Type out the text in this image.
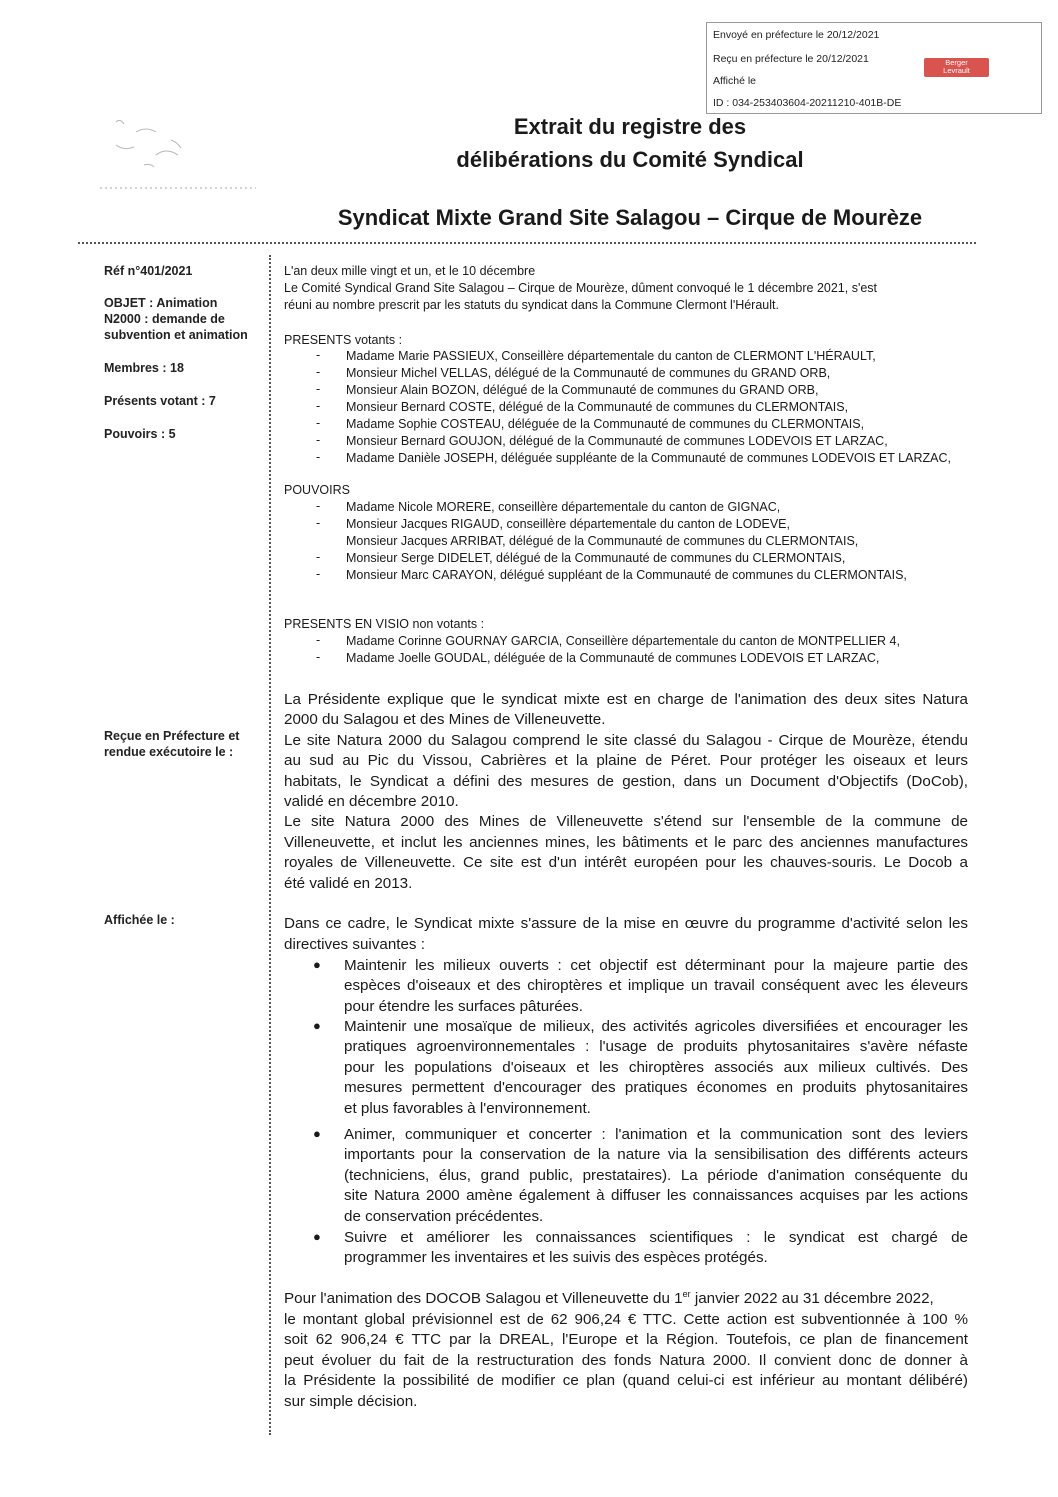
Envoyé en préfecture le 20/12/2021
Reçu en préfecture le 20/12/2021
Affiché le
ID : 034-253403604-20211210-401B-DE
Berger
Levrault
Extrait du registre des
délibérations du Comité Syndical
Syndicat Mixte Grand Site Salagou – Cirque de Mourèze
Réf n°401/2021
OBJET : Animation
N2000 : demande de
subvention et animation
Membres : 18
Présents votant : 7
Pouvoirs : 5
Reçue en Préfecture et
rendue exécutoire le :
Affichée le :
L'an deux mille vingt et un, et le 10 décembre
Le Comité Syndical Grand Site Salagou – Cirque de Mourèze, dûment convoqué le 1 décembre 2021, s'est
réuni au nombre prescrit par les statuts du syndicat dans la Commune Clermont l'Hérault.
PRESENTS votants :
- Madame Marie PASSIEUX, Conseillère départementale du canton de CLERMONT L'HÉRAULT,
- Monsieur Michel VELLAS, délégué de la Communauté de communes du GRAND ORB,
- Monsieur Alain BOZON, délégué de la Communauté de communes du GRAND ORB,
- Monsieur Bernard COSTE, délégué de la Communauté de communes du CLERMONTAIS,
- Madame Sophie COSTEAU, déléguée de la Communauté de communes du CLERMONTAIS,
- Monsieur Bernard GOUJON, délégué de la Communauté de communes LODEVOIS ET LARZAC,
- Madame Danièle JOSEPH, déléguée suppléante de la Communauté de communes LODEVOIS ET LARZAC,
POUVOIRS
- Madame Nicole MORERE, conseillère départementale du canton de GIGNAC,
- Monsieur Jacques RIGAUD, conseillère départementale du canton de LODEVE,
Monsieur Jacques ARRIBAT, délégué de la Communauté de communes du CLERMONTAIS,
- Monsieur Serge DIDELET, délégué de la Communauté de communes du CLERMONTAIS,
- Monsieur Marc CARAYON, délégué suppléant de la Communauté de communes du CLERMONTAIS,
PRESENTS EN VISIO non votants :
- Madame Corinne GOURNAY GARCIA, Conseillère départementale du canton de MONTPELLIER 4,
- Madame Joelle GOUDAL, déléguée de la Communauté de communes LODEVOIS ET LARZAC,
La Présidente explique que le syndicat mixte est en charge de l'animation des deux sites Natura
2000 du Salagou et des Mines de Villeneuvette.
Le site Natura 2000 du Salagou comprend le site classé du Salagou - Cirque de Mourèze, étendu
au sud au Pic du Vissou, Cabrières et la plaine de Péret. Pour protéger les oiseaux et leurs
habitats, le Syndicat a défini des mesures de gestion, dans un Document d'Objectifs (DoCob),
validé en décembre 2010.
Le site Natura 2000 des Mines de Villeneuvette s'étend sur l'ensemble de la commune de
Villeneuvette, et inclut les anciennes mines, les bâtiments et le parc des anciennes manufactures
royales de Villeneuvette. Ce site est d'un intérêt européen pour les chauves-souris. Le Docob a
été validé en 2013.
Dans ce cadre, le Syndicat mixte s'assure de la mise en œuvre du programme d'activité selon les
directives suivantes :
● Maintenir les milieux ouverts : cet objectif est déterminant pour la majeure partie des
espèces d'oiseaux et des chiroptères et implique un travail conséquent avec les éleveurs
pour étendre les surfaces pâturées.
● Maintenir une mosaïque de milieux, des activités agricoles diversifiées et encourager les
pratiques agroenvironnementales : l'usage de produits phytosanitaires s'avère néfaste
pour les populations d'oiseaux et les chiroptères associés aux milieux cultivés. Des
mesures permettent d'encourager des pratiques économes en produits phytosanitaires
et plus favorables à l'environnement.
● Animer, communiquer et concerter : l'animation et la communication sont des leviers
importants pour la conservation de la nature via la sensibilisation des différents acteurs
(techniciens, élus, grand public, prestataires). La période d'animation conséquente du
site Natura 2000 amène également à diffuser les connaissances acquises par les actions
de conservation précédentes.
● Suivre et améliorer les connaissances scientifiques : le syndicat est chargé de
programmer les inventaires et les suivis des espèces protégés.
Pour l'animation des DOCOB Salagou et Villeneuvette du 1er janvier 2022 au 31 décembre 2022,
le montant global prévisionnel est de 62 906,24 € TTC. Cette action est subventionnée à 100 %
soit 62 906,24 € TTC par la DREAL, l'Europe et la Région. Toutefois, ce plan de financement
peut évoluer du fait de la restructuration des fonds Natura 2000. Il convient donc de donner à
la Présidente la possibilité de modifier ce plan (quand celui-ci est inférieur au montant délibéré)
sur simple décision.
